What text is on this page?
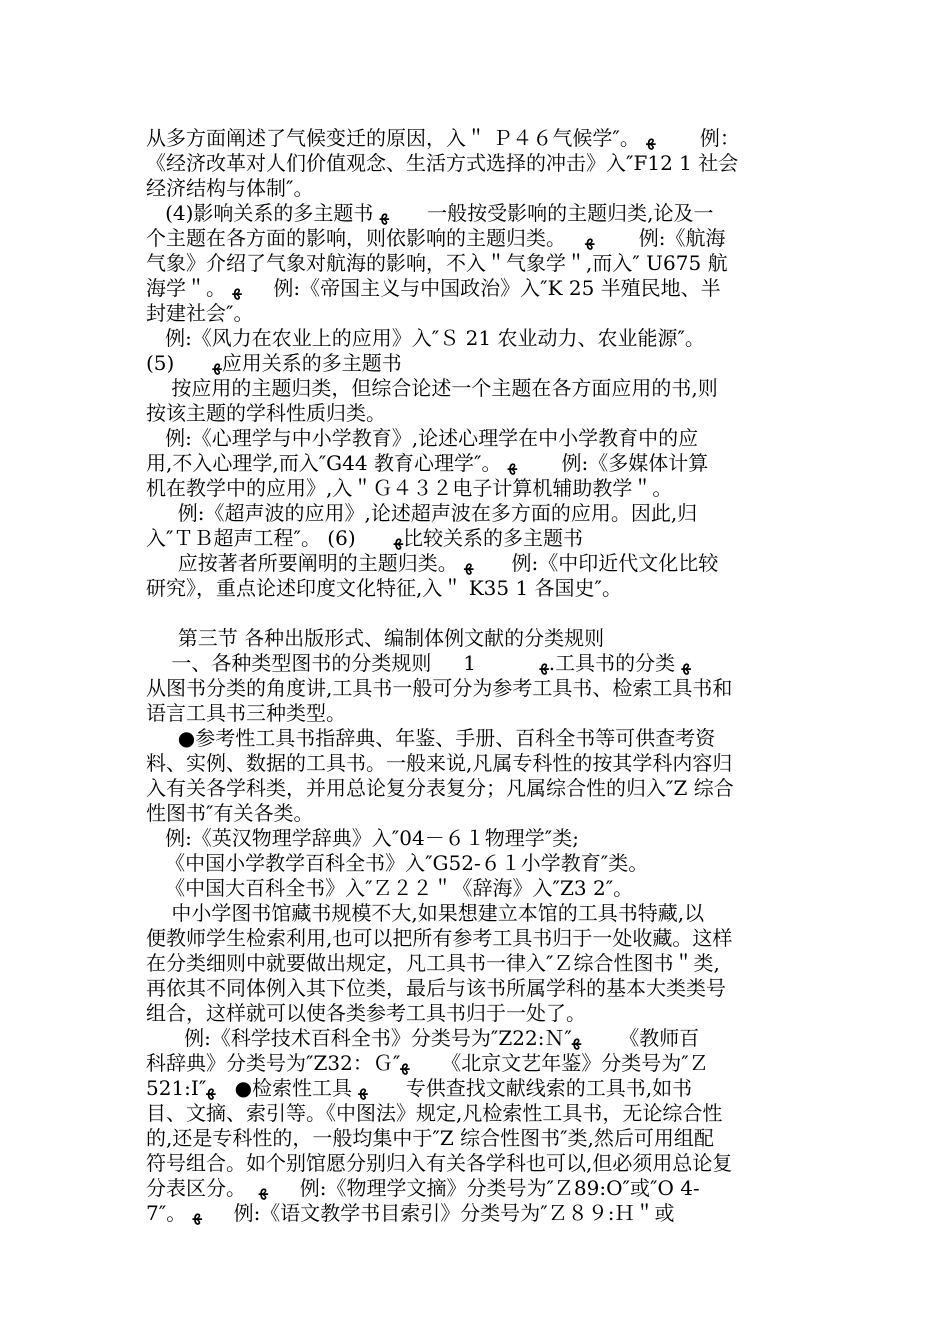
从多方面阐述了气候变迁的原因，入＂ Ｐ４６气候学″。 ﻿ﻬ       例：
《经济改革对人们价值观念、生活方式选择的冲击》入″F12 1 社会
经济结构与体制″。
(4)影响关系的多主题书 ﻬ      一般按受影响的主题归类,论及一
个主题在各方面的影响，则依影响的主题归类。   ﻬ       例:《航海
气象》介绍了气象对航海的影响，不入＂气象学＂,而入″ U675 航
海学＂。 ﻬ     例:《帝国主义与中国政治》入″K 25 半殖民地、半
封建社会″。
例:《风力在农业上的应用》入″Ｓ 21 农业动力、农业能源″。
(5)      ﻬ应用关系的多主题书
按应用的主题归类，但综合论述一个主题在各方面应用的书,则
按该主题的学科性质归类。
例:《心理学与中小学教育》,论述心理学在中小学教育中的应
用,不入心理学,而入″G44 教育心理学″。 ﻬ       例:《多媒体计算
机在教学中的应用》,入＂Ｇ４３２电子计算机辅助教学＂。
例:《超声波的应用》,论述超声波在多方面的应用。因此,归
入″ＴＢ超声工程″。 (6)      ﻬ比较关系的多主题书
应按著者所要阐明的主题归类。 ﻬ      例:《中印近代文化比较
研究》，重点论述印度文化特征,入＂ K35 1 各国史″。
第三节 各种出版形式、编制体例文献的分类规则
一、各种类型图书的分类规则     1          ﻬ.工具书的分类 ﻬ
从图书分类的角度讲,工具书一般可分为参考工具书、检索工具书和
语言工具书三种类型。
●参考性工具书指辞典、年鉴、手册、百科全书等可供查考资
料、实例、数据的工具书。一般来说,凡属专科性的按其学科内容归
入有关各学科类，并用总论复分表复分；凡属综合性的归入″Z 综合
性图书″有关各类。
例:《英汉物理学辞典》入″04－６１物理学″类;
《中国小学教学百科全书》入″G52-６１小学教育″类。
《中国大百科全书》入″Ｚ２２＂《辞海》入″Z3 2″。
中小学图书馆藏书规模不大,如果想建立本馆的工具书特藏,以
便教师学生检索利用,也可以把所有参考工具书归于一处收藏。这样
在分类细则中就要做出规定，凡工具书一律入″Ｚ综合性图书＂类,
再依其不同体例入其下位类，最后与该书所属学科的基本大类类号
组合，这样就可以使各类参考工具书归于一处了。
例:《科学技术百科全书》分类号为″Z22:Ｎ″ﻬ      《教师百
科辞典》分类号为″Z32：Ｇ″ﻬ     《北京文艺年鉴》分类号为″Ｚ
521:I″ﻬ   ●检索性工具 ﻬ      专供查找文献线索的工具书,如书
目、文摘、索引等。《中图法》规定,凡检索性工具书，无论综合性
的,还是专科性的，一般均集中于″Z 综合性图书″类,然后可用组配
符号组合。如个别馆愿分别归入有关各学科也可以,但必须用总论复
分表区分。  ﻬ     例:《物理学文摘》分类号为″Ｚ89:O″或″O 4-
7″。 ﻬ     例:《语文教学书目索引》分类号为″Ｚ８９:Ｈ＂或
